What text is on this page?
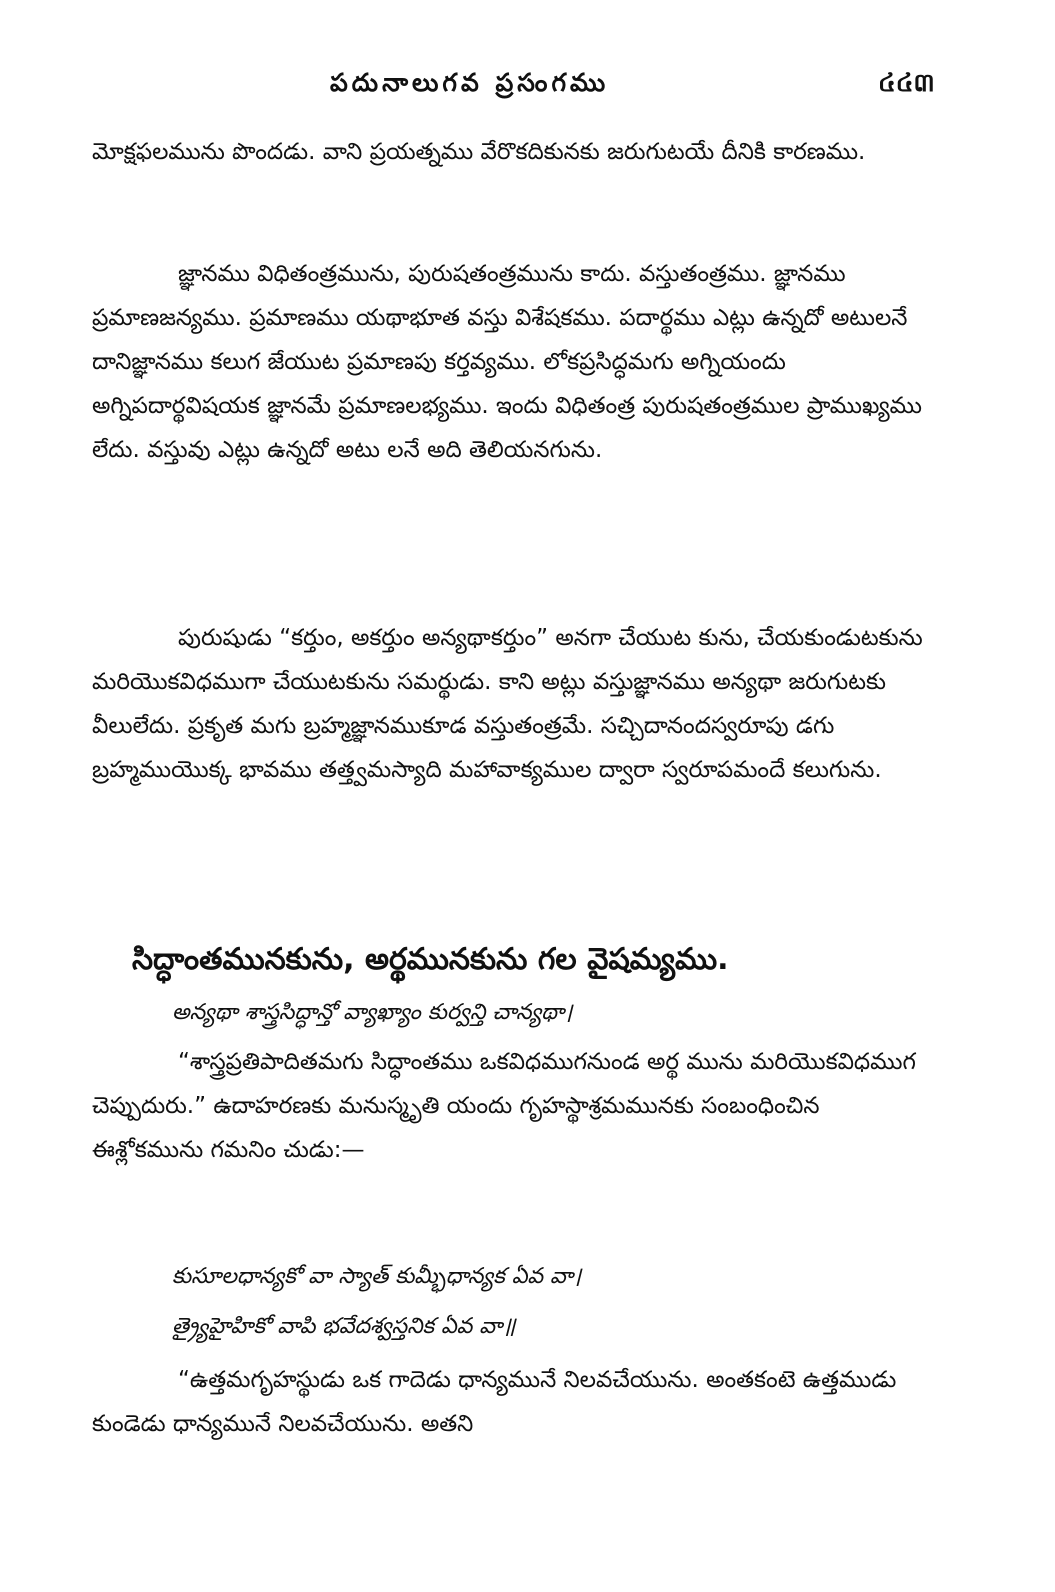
పదునాలుగవ ప్రసంగము	៤៤៣

మోక్షఫలమును పొందడు. వాని ప్రయత్నము వేరొకదికునకు జరుగుటయే దీనికి కారణము.

జ్ఞానము విధితంత్రమును, పురుషతంత్రమును కాదు. వస్తుతంత్రము. జ్ఞానము ప్రమాణజన్యము. ప్రమాణము యథాభూత వస్తు విశేషకము. పదార్థము ఎట్లు ఉన్నదో అటులనే దానిజ్ఞానము కలుగ జేయుట ప్రమాణపు కర్తవ్యము. లోకప్రసిద్ధమగు అగ్నియందు అగ్నిపదార్థవిషయక జ్ఞానమే ప్రమాణలభ్యము. ఇందు విధితంత్ర పురుషతంత్రముల ప్రాముఖ్యము లేదు. వస్తువు ఎట్లు ఉన్నదో అటు లనే అది తెలియనగును.

పురుషుడు “కర్తుం, అకర్తుం అన్యథాకర్తుం” అనగా చేయుట కును, చేయకుండుటకును మరియొకవిధముగా చేయుటకును సమర్థుడు. కాని అట్లు వస్తుజ్ఞానము అన్యథా జరుగుటకు వీలులేదు. ప్రకృత మగు బ్రహ్మజ్ఞానముకూడ వస్తుతంత్రమే. సచ్చిదానందస్వరూపు డగు బ్రహ్మముయొక్క భావము తత్త్వమస్యాది మహావాక్యముల ద్వారా స్వరూపమందే కలుగును.

సిద్ధాంతమునకును, అర్థమునకును గల వైషమ్యము.
అన్యథా శాస్త్రసిద్ధాన్తో వ్యాఖ్యాం కుర్వన్తి చాన్యథా।

“శాస్త్రప్రతిపాదితమగు సిద్ధాంతము ఒకవిధముగనుండ అర్థ మును మరియొకవిధముగ చెప్పుదురు.” ఉదాహరణకు మనుస్మృతి యందు గృహస్థాశ్రమమునకు సంబంధించిన ఈశ్లోకమును గమనిం చుడు:—

కుసూలధాన్యకో వా స్యాత్ కుమ్భీధాన్యక ఏవ వా।
త్ర్యైహైహికో వాపి భవేదశ్వస్తనిక ఏవ వా॥

“ఉత్తమగృహస్థుడు ఒక గాదెడు ధాన్యమునే నిలవచేయును. అంతకంటె ఉత్తముడు కుండెడు ధాన్యమునే నిలవచేయును. అతని
